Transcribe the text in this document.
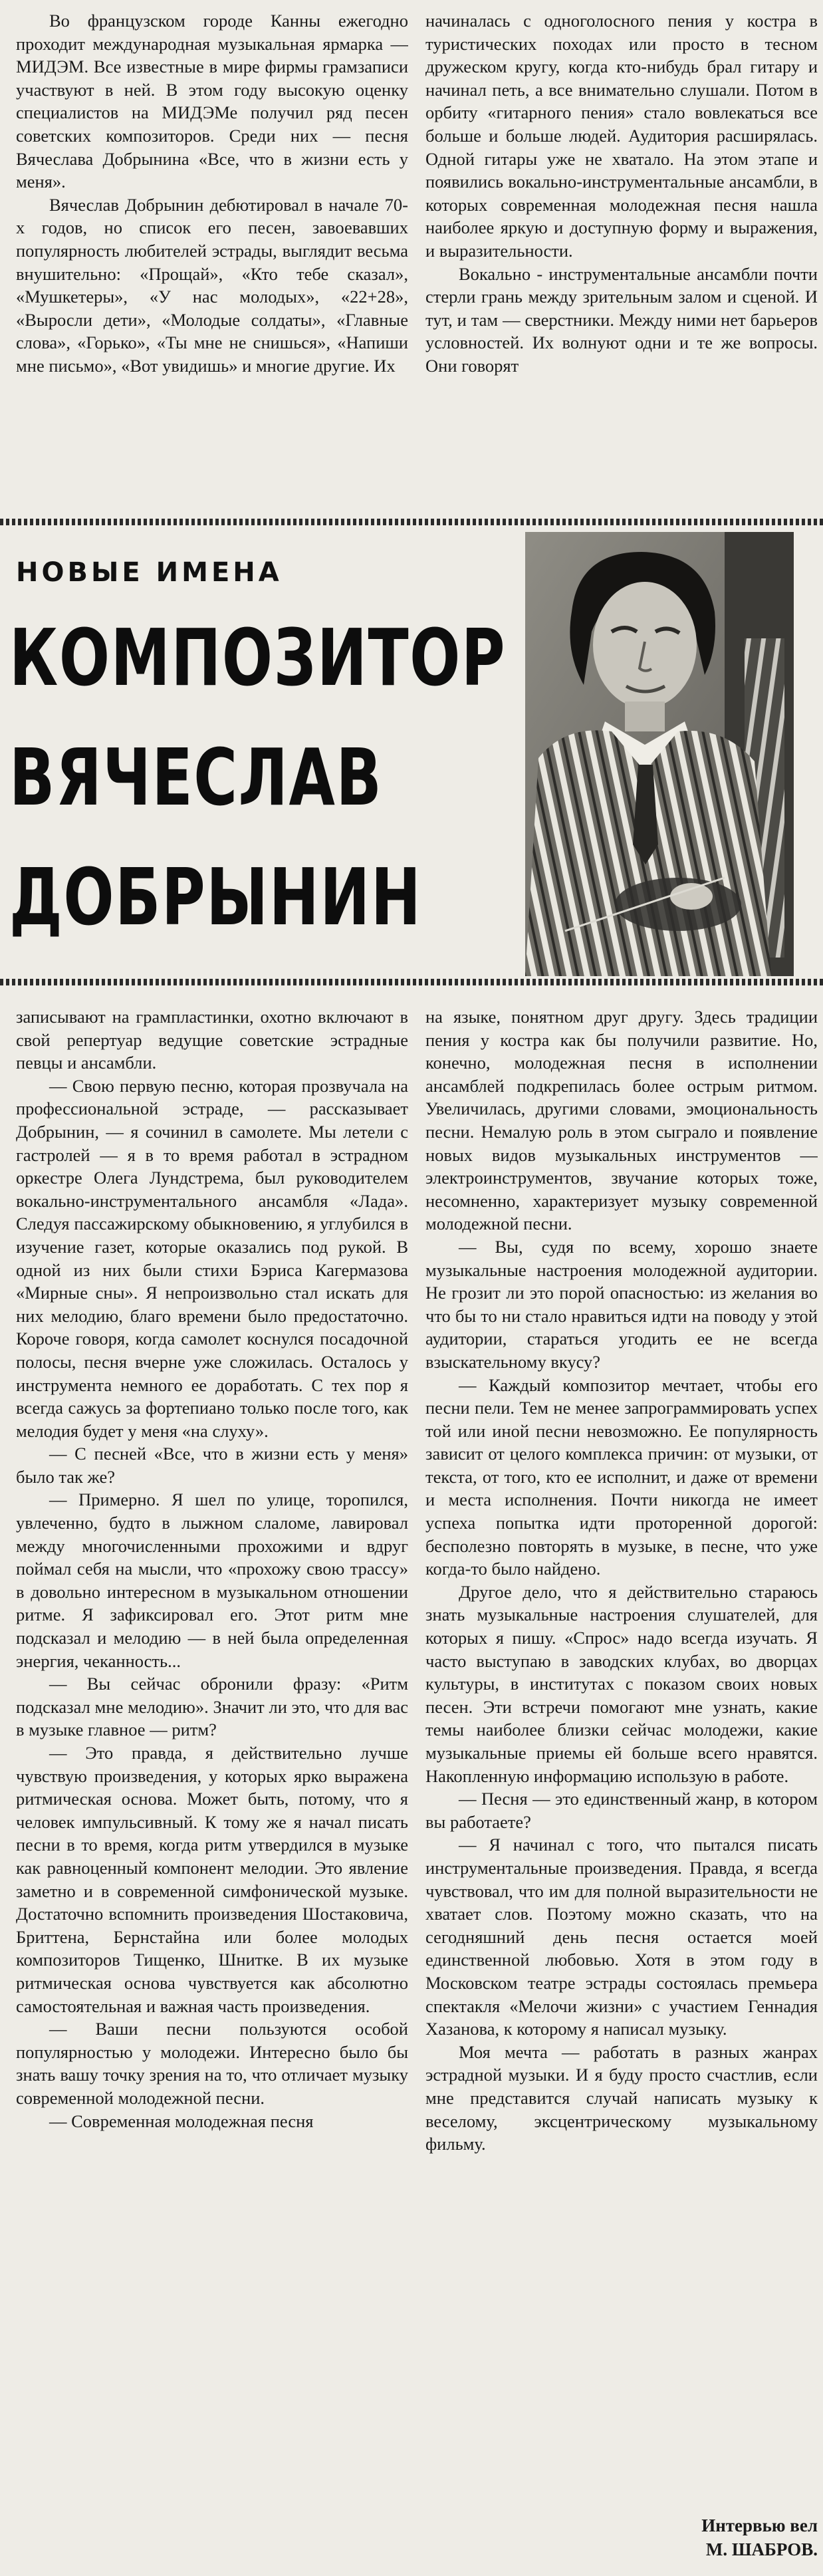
Во французском городе Канны ежегодно проходит международная музыкальная ярмарка — МИДЭМ. Все известные в мире фирмы грамзаписи участвуют в ней. В этом году высокую оценку специалистов на МИДЭМе получил ряд песен советских композиторов. Среди них — песня Вячеслава Добрынина «Все, что в жизни есть у меня».

Вячеслав Добрынин дебютировал в начале 70-х годов, но список его песен, завоевавших популярность любителей эстрады, выглядит весьма внушительно: «Прощай», «Кто тебе сказал», «Мушкетеры», «У нас молодых», «22+28», «Выросли дети», «Молодые солдаты», «Главные слова», «Горько», «Ты мне не снишься», «Напиши мне письмо», «Вот увидишь» и многие другие. Их

начиналась с одноголосного пения у костра в туристических походах или просто в тесном дружеском кругу, когда кто-нибудь брал гитару и начинал петь, а все внимательно слушали. Потом в орбиту «гитарного пения» стало вовлекаться все больше и больше людей. Аудитория расширялась. Одной гитары уже не хватало. На этом этапе и появились вокально-инструментальные ансамбли, в которых современная молодежная песня нашла наиболее яркую и доступную форму и выражения, и выразительности.

Вокально - инструментальные ансамбли почти стерли грань между зрительным залом и сценой. И тут, и там — сверстники. Между ними нет барьеров условностей. Их волнуют одни и те же вопросы. Они говорят

НОВЫЕ ИМЕНА
КОМПОЗИТОР
ВЯЧЕСЛАВ
ДОБРЫНИН

записывают на грампластинки, охотно включают в свой репертуар ведущие советские эстрадные певцы и ансамбли.

— Свою первую песню, которая прозвучала на профессиональной эстраде, — рассказывает Добрынин, — я сочинил в самолете. Мы летели с гастролей — я в то время работал в эстрадном оркестре Олега Лундстрема, был руководителем вокально-инструментального ансамбля «Лада». Следуя пассажирскому обыкновению, я углубился в изучение газет, которые оказались под рукой. В одной из них были стихи Бэриса Кагермазова «Мирные сны». Я непроизвольно стал искать для них мелодию, благо времени было предостаточно. Короче говоря, когда самолет коснулся посадочной полосы, песня вчерне уже сложилась. Осталось у инструмента немного ее доработать. С тех пор я всегда сажусь за фортепиано только после того, как мелодия будет у меня «на слуху».

— С песней «Все, что в жизни есть у меня» было так же?

— Примерно. Я шел по улице, торопился, увлеченно, будто в лыжном слаломе, лавировал между многочисленными прохожими и вдруг поймал себя на мысли, что «прохожу свою трассу» в довольно интересном в музыкальном отношении ритме. Я зафиксировал его. Этот ритм мне подсказал и мелодию — в ней была определенная энергия, чеканность...

— Вы сейчас обронили фразу: «Ритм подсказал мне мелодию». Значит ли это, что для вас в музыке главное — ритм?

— Это правда, я действительно лучше чувствую произведения, у которых ярко выражена ритмическая основа. Может быть, потому, что я человек импульсивный. К тому же я начал писать песни в то время, когда ритм утвердился в музыке как равноценный компонент мелодии. Это явление заметно и в современной симфонической музыке. Достаточно вспомнить произведения Шостаковича, Бриттена, Бернстайна или более молодых композиторов Тищенко, Шнитке. В их музыке ритмическая основа чувствуется как абсолютно самостоятельная и важная часть произведения.

— Ваши песни пользуются особой популярностью у молодежи. Интересно было бы знать вашу точку зрения на то, что отличает музыку современной молодежной песни.

— Современная молодежная песня

на языке, понятном друг другу. Здесь традиции пения у костра как бы получили развитие. Но, конечно, молодежная песня в исполнении ансамблей подкрепилась более острым ритмом. Увеличилась, другими словами, эмоциональность песни. Немалую роль в этом сыграло и появление новых видов музыкальных инструментов — электроинструментов, звучание которых тоже, несомненно, характеризует музыку современной молодежной песни.

— Вы, судя по всему, хорошо знаете музыкальные настроения молодежной аудитории. Не грозит ли это порой опасностью: из желания во что бы то ни стало нравиться идти на поводу у этой аудитории, стараться угодить ее не всегда взыскательному вкусу?

— Каждый композитор мечтает, чтобы его песни пели. Тем не менее запрограммировать успех той или иной песни невозможно. Ее популярность зависит от целого комплекса причин: от музыки, от текста, от того, кто ее исполнит, и даже от времени и места исполнения. Почти никогда не имеет успеха попытка идти проторенной дорогой: бесполезно повторять в музыке, в песне, что уже когда-то было найдено.

Другое дело, что я действительно стараюсь знать музыкальные настроения слушателей, для которых я пишу. «Спрос» надо всегда изучать. Я часто выступаю в заводских клубах, во дворцах культуры, в институтах с показом своих новых песен. Эти встречи помогают мне узнать, какие темы наиболее близки сейчас молодежи, какие музыкальные приемы ей больше всего нравятся. Накопленную информацию использую в работе.

— Песня — это единственный жанр, в котором вы работаете?

— Я начинал с того, что пытался писать инструментальные произведения. Правда, я всегда чувствовал, что им для полной выразительности не хватает слов. Поэтому можно сказать, что на сегодняшний день песня остается моей единственной любовью. Хотя в этом году в Московском театре эстрады состоялась премьера спектакля «Мелочи жизни» с участием Геннадия Хазанова, к которому я написал музыку.

Моя мечта — работать в разных жанрах эстрадной музыки. И я буду просто счастлив, если мне представится случай написать музыку к веселому, эксцентрическому музыкальному фильму.

Интервью вел
М. ШАБРОВ.
